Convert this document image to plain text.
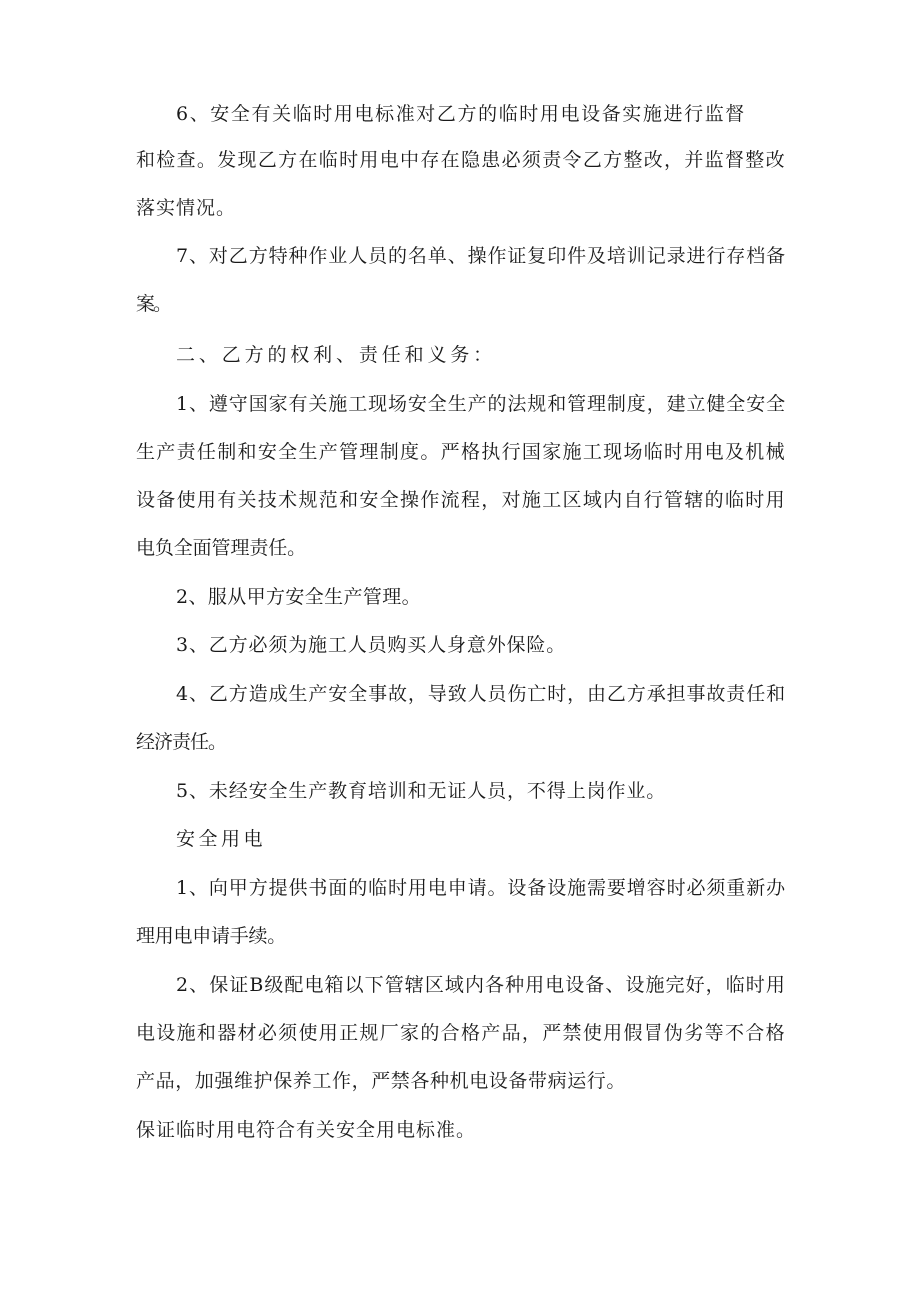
6、安全有关临时用电标准对乙方的临时用电设备实施进行监督
和检查。发现乙方在临时用电中存在隐患必须责令乙方整改，并监督整改
落实情况。
7、对乙方特种作业人员的名单、操作证复印件及培训记录进行存档备
案。
二、乙方的权利、责任和义务：
1、遵守国家有关施工现场安全生产的法规和管理制度，建立健全安全
生产责任制和安全生产管理制度。严格执行国家施工现场临时用电及机械
设备使用有关技术规范和安全操作流程，对施工区域内自行管辖的临时用
电负全面管理责任。
2、服从甲方安全生产管理。
3、乙方必须为施工人员购买人身意外保险。
4、乙方造成生产安全事故，导致人员伤亡时，由乙方承担事故责任和
经济责任。
5、未经安全生产教育培训和无证人员，不得上岗作业。
安全用电
1、向甲方提供书面的临时用电申请。设备设施需要增容时必须重新办
理用电申请手续。
2、保证B级配电箱以下管辖区域内各种用电设备、设施完好，临时用
电设施和器材必须使用正规厂家的合格产品，严禁使用假冒伪劣等不合格
产品，加强维护保养工作，严禁各种机电设备带病运行。
保证临时用电符合有关安全用电标准。
